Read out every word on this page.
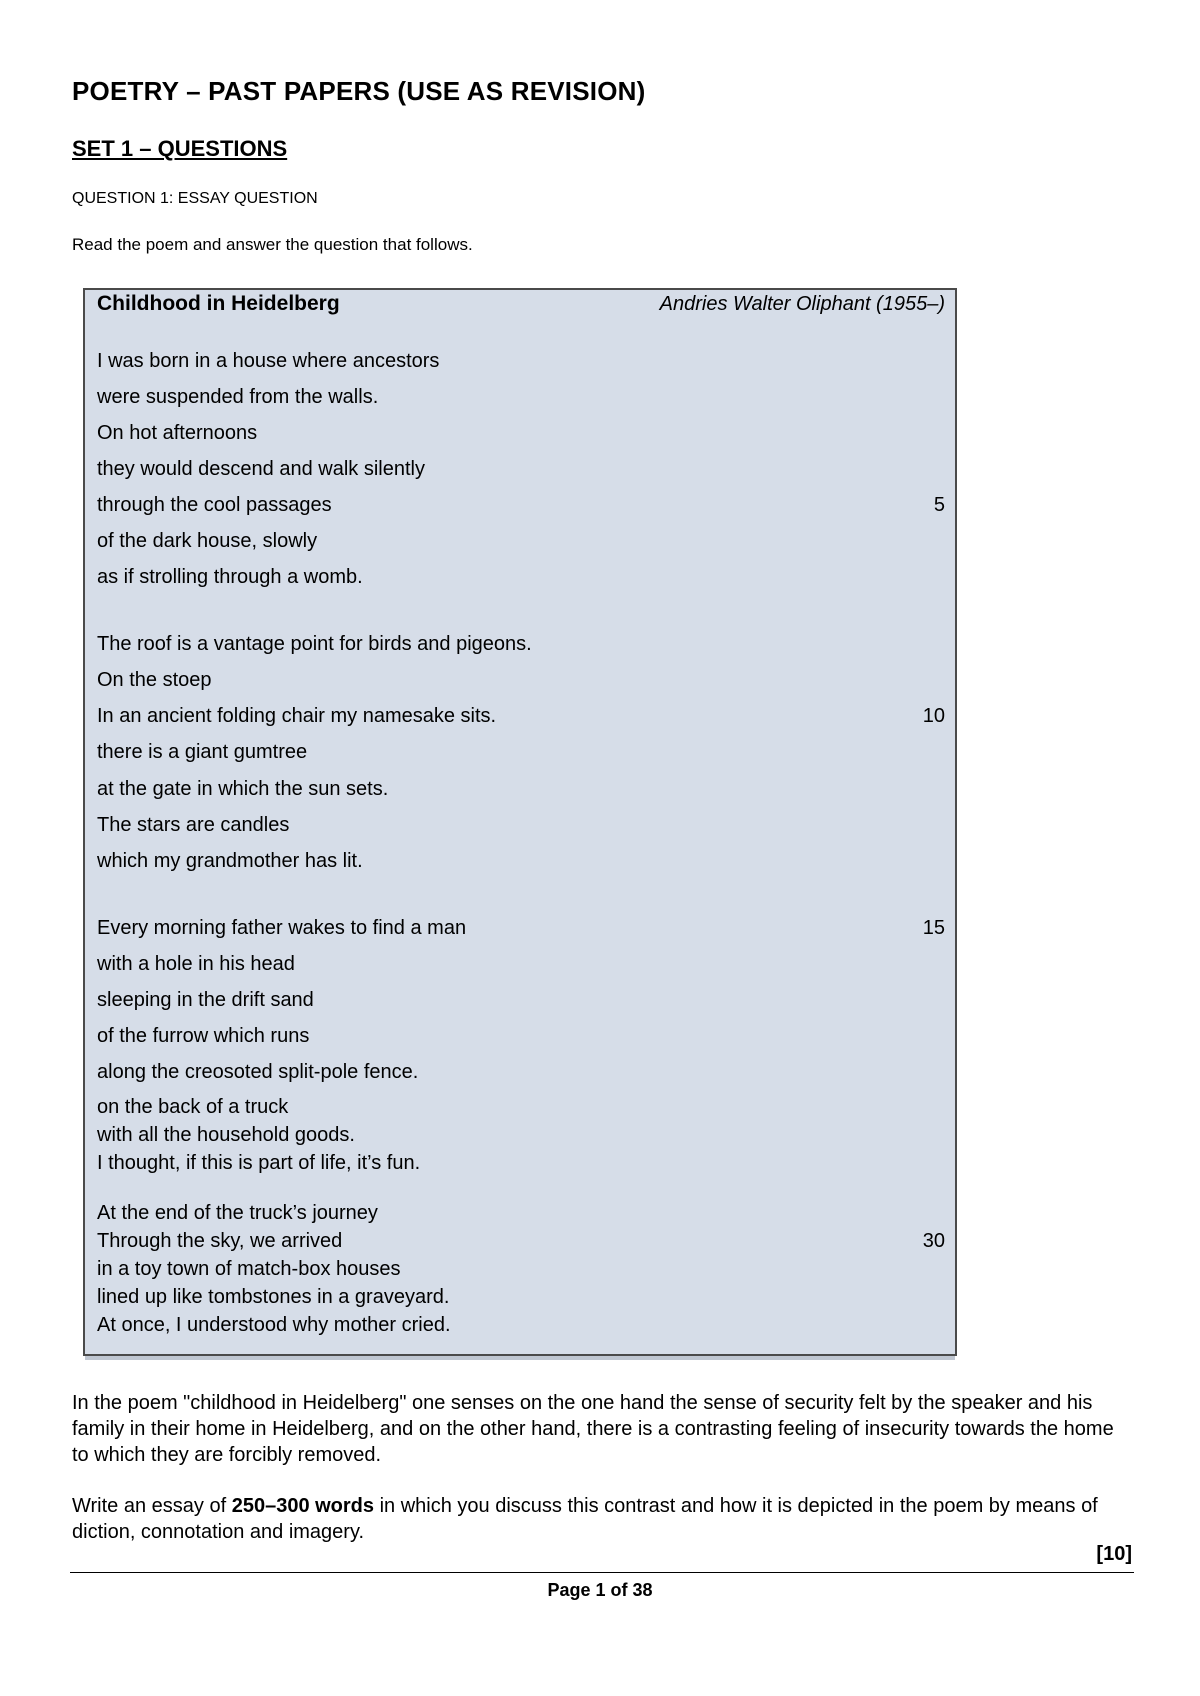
POETRY – PAST PAPERS (USE AS REVISION)
SET 1 – QUESTIONS

QUESTION 1: ESSAY QUESTION

Read the poem and answer the question that follows.

Childhood in Heidelberg	Andries Walter Oliphant (1955–)
I was born in a house where ancestors
were suspended from the walls.
On hot afternoons
they would descend and walk silently
through the cool passages	5
of the dark house, slowly
as if strolling through a womb.
The roof is a vantage point for birds and pigeons.
On the stoep
In an ancient folding chair my namesake sits.	10
there is a giant gumtree
at the gate in which the sun sets.
The stars are candles
which my grandmother has lit.
Every morning father wakes to find a man	15
with a hole in his head
sleeping in the drift sand
of the furrow which runs
along the creosoted split-pole fence.
on the back of a truck
with all the household goods.
I thought, if this is part of life, it’s fun.
At the end of the truck’s journey
Through the sky, we arrived	30
in a toy town of match-box houses
lined up like tombstones in a graveyard.
At once, I understood why mother cried.

In the poem "childhood in Heidelberg" one senses on the one hand the sense of security felt by the speaker and his family in their home in Heidelberg, and on the other hand, there is a contrasting feeling of insecurity towards the home to which they are forcibly removed.

Write an essay of 250–300 words in which you discuss this contrast and how it is depicted in the poem by means of diction, connotation and imagery.

[10]
Page 1 of 38
